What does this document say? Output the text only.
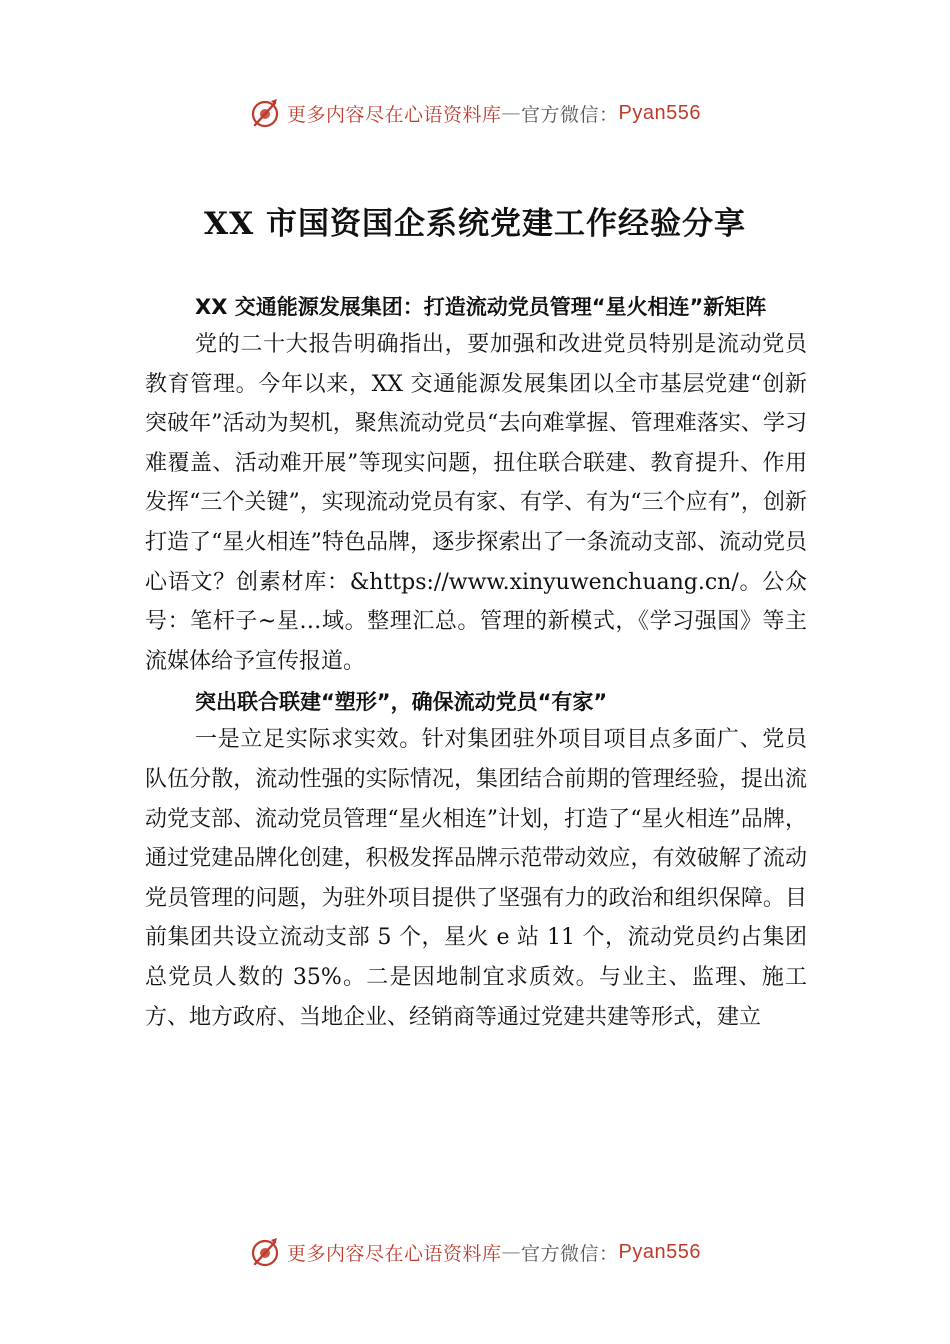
更多内容尽在心语资料库 — 官方微信： Pyan556
XX 市国资国企系统党建工作经验分享

XX 交通能源发展集团：打造流动党员管理“星火相连”新矩阵

党的二十大报告明确指出，要加强和改进党员特别是流动党员教育管理。今年以来，XX 交通能源发展集团以全市基层党建“创新突破年”活动为契机，聚焦流动党员“去向难掌握、管理难落实、学习难覆盖、活动难开展”等现实问题，扭住联合联建、教育提升、作用发挥“三个关键”，实现流动党员有家、有学、有为“三个应有”，创新打造了“星火相连”特色品牌，逐步探索出了一条流动支部、流动党员心语文？创素材库：&https://www.xinyuwenchuang.cn/。公众号：笔杆子~星…域。整理汇总。管理的新模式，《学习强国》等主流媒体给予宣传报道。

突出联合联建“塑形”，确保流动党员“有家”

一是立足实际求实效。针对集团驻外项目项目点多面广、党员队伍分散，流动性强的实际情况，集团结合前期的管理经验，提出流动党支部、流动党员管理“星火相连”计划，打造了“星火相连”品牌，通过党建品牌化创建，积极发挥品牌示范带动效应，有效破解了流动党员管理的问题，为驻外项目提供了坚强有力的政治和组织保障。目前集团共设立流动支部 5 个，星火 e 站 11 个，流动党员约占集团总党员人数的 35%。二是因地制宜求质效。与业主、监理、施工方、地方政府、当地企业、经销商等通过党建共建等形式，建立

更多内容尽在心语资料库 — 官方微信： Pyan556
